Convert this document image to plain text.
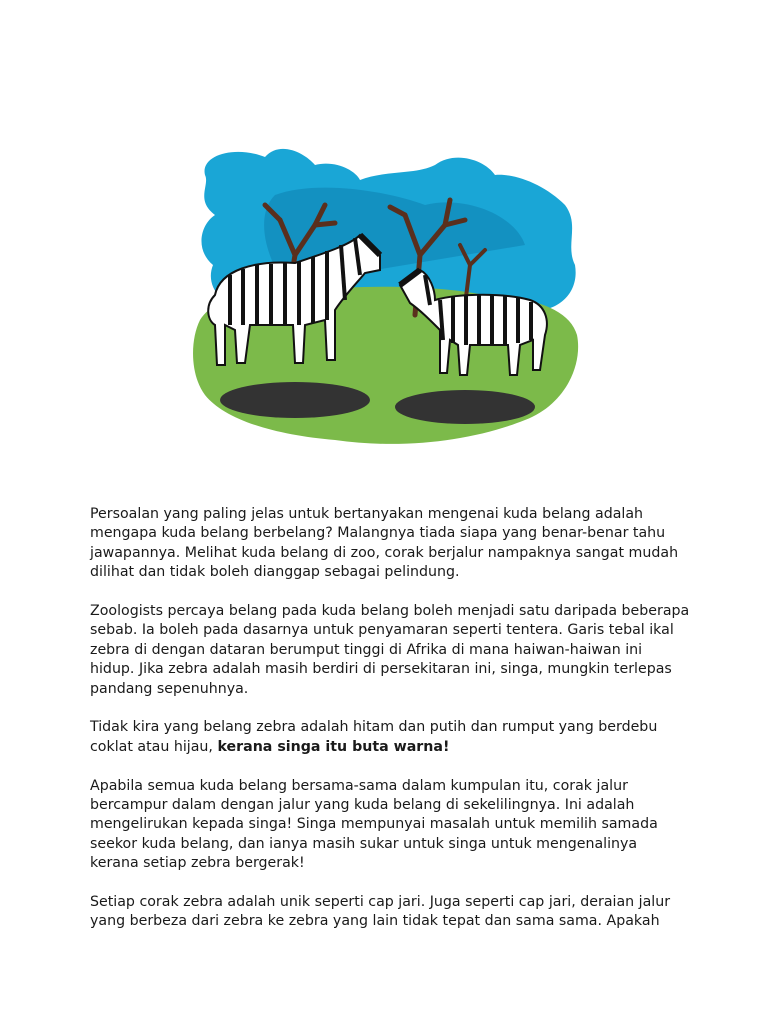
Persoalan yang paling jelas untuk bertanyakan mengenai kuda belang adalah mengapa kuda belang berbelang? Malangnya tiada siapa yang benar-benar tahu jawapannya. Melihat kuda belang di zoo, corak berjalur nampaknya sangat mudah dilihat dan tidak boleh dianggap sebagai pelindung.

Zoologists percaya belang pada kuda belang boleh menjadi satu daripada beberapa sebab. Ia boleh pada dasarnya untuk penyamaran seperti tentera. Garis tebal ikal zebra di dengan dataran berumput tinggi di Afrika di mana haiwan-haiwan ini hidup. Jika zebra adalah masih berdiri di persekitaran ini, singa, mungkin terlepas pandang sepenuhnya.

Tidak kira yang belang zebra adalah hitam dan putih dan rumput yang berdebu coklat atau hijau, kerana singa itu buta warna!

Apabila semua kuda belang bersama-sama dalam kumpulan itu, corak jalur bercampur dalam dengan jalur yang kuda belang di sekelilingnya. Ini adalah mengelirukan kepada singa! Singa mempunyai masalah untuk memilih samada seekor kuda belang, dan ianya masih sukar untuk singa untuk mengenalinya kerana setiap zebra bergerak!

Setiap corak zebra adalah unik seperti cap jari. Juga seperti cap jari, deraian jalur yang berbeza dari zebra ke zebra yang lain tidak tepat dan sama sama. Apakah
